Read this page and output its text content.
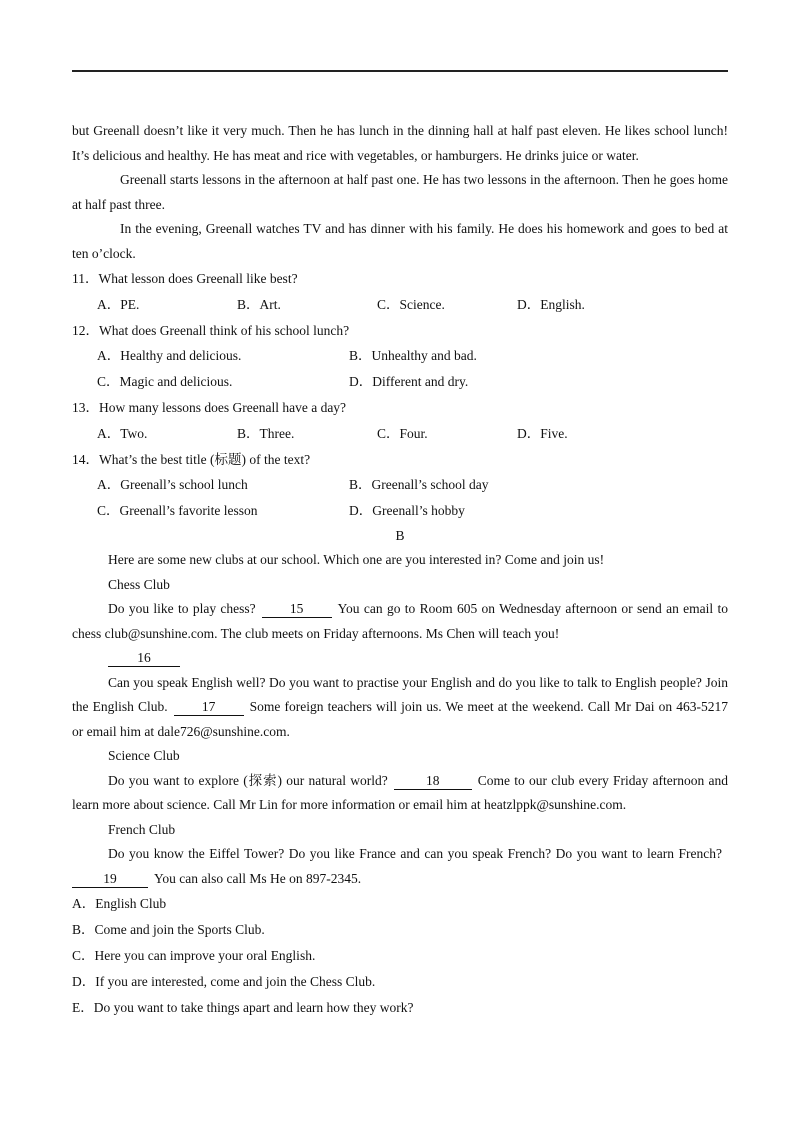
but Greenall doesn’t like it very much. Then he has lunch in the dinning hall at half past eleven. He likes school lunch! It’s delicious and healthy. He has meat and rice with vegetables, or hamburgers. He drinks juice or water.

Greenall starts lessons in the afternoon at half past one. He has two lessons in the afternoon. Then he goes home at half past three.

In the evening, Greenall watches TV and has dinner with his family. He does his homework and goes to bed at ten o’clock.

11．What lesson does Greenall like best?

A．PE.	B．Art.	C．Science.	D．English.

12．What does Greenall think of his school lunch?

A．Healthy and delicious.	B．Unhealthy and bad.
C．Magic and delicious.	D．Different and dry.

13．How many lessons does Greenall have a day?

A．Two.	B．Three.	C．Four.	D．Five.

14．What’s the best title (标题) of the text?

A．Greenall’s school lunch	B．Greenall’s school day
C．Greenall’s favorite lesson	D．Greenall’s hobby

B

Here are some new clubs at our school. Which one are you interested in? Come and join us!

Chess Club

Do you like to play chess?	15	You can go to Room 605 on Wednesday afternoon or send an email to chess club@sunshine.com. The club meets on Friday afternoons. Ms Chen will teach you!

16

Can you speak English well? Do you want to practise your English and do you like to talk to English people? Join the English Club.	17	Some foreign teachers will join us. We meet at the weekend. Call Mr Dai on 463-5217 or email him at dale726@sunshine.com.

Science Club

Do you want to explore (探索) our natural world?	18	Come to our club every Friday afternoon and learn more about science. Call Mr Lin for more information or email him at heatzlppk@sunshine.com.

French Club

Do you know the Eiffel Tower? Do you like France and can you speak French? Do you want to learn French?19	You can also call Ms He on 897-2345.

A．English Club

B．Come and join the Sports Club.

C．Here you can improve your oral English.

D．If you are interested, come and join the Chess Club.

E．Do you want to take things apart and learn how they work?
